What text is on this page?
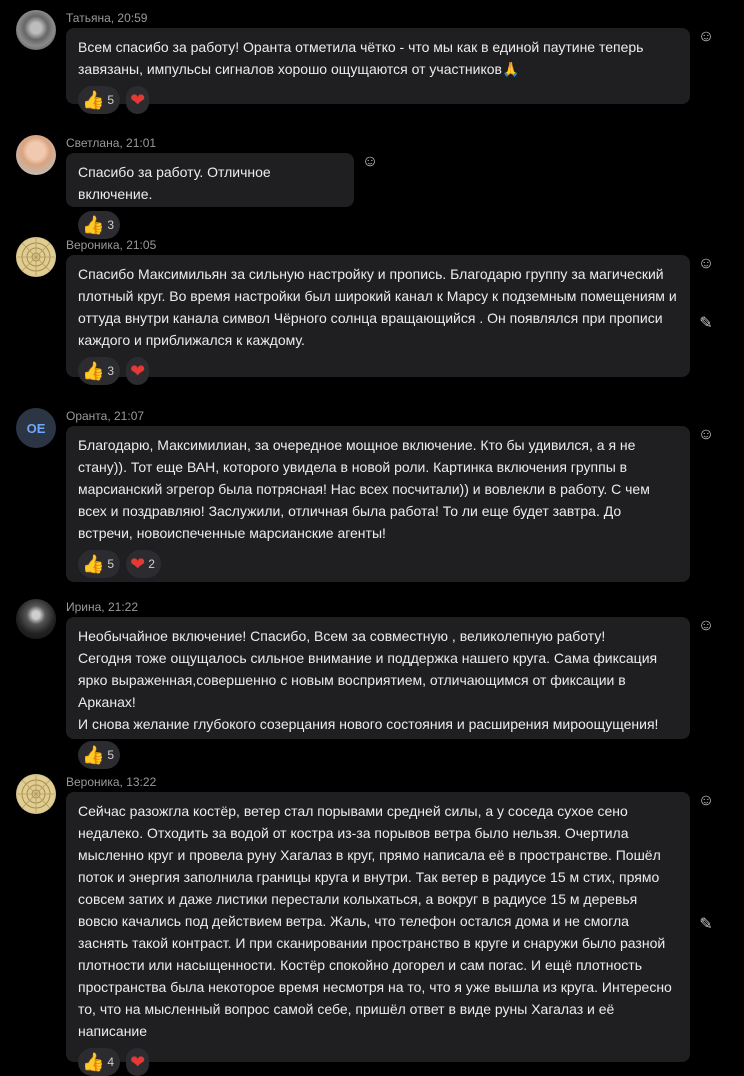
Татьяна, 20:59
Всем спасибо за работу! Оранта отметила чётко - что мы как в единой паутине теперь завязаны, импульсы сигналов хорошо ощущаются от участников🙏
👍 5 ❤
☺
Светлана, 21:01
Спасибо за работу. Отличное включение.
👍 3
☺
Вероника, 21:05
Спасибо Максимильян за сильную настройку и пропись. Благодарю группу за магический плотный круг. Во время настройки был широкий канал к Марсу к подземным помещениям и оттуда внутри канала символ Чёрного солнца вращающийся . Он появлялся при прописи каждого и приближался к каждому.
👍 3 ❤
☺
✎
OE
Оранта, 21:07
Благодарю, Максимилиан, за очередное мощное включение. Кто бы удивился, а я не стану)). Тот еще ВАН, которого увидела в новой роли. Картинка включения группы в марсианский эгрегор была потрясная! Нас всех посчитали)) и вовлекли в работу. С чем всех и поздравляю! Заслужили, отличная была работа! То ли еще будет завтра. До встречи, новоиспеченные марсианские агенты!
👍 5 ❤ 2
☺
Ирина, 21:22
Необычайное включение! Спасибо, Всем за совместную , великолепную работу!
Сегодня тоже ощущалось сильное внимание и поддержка нашего круга. Сама фиксация ярко выраженная,совершенно с новым восприятием, отличающимся от фиксации в Арканах!
И снова желание глубокого созерцания нового состояния и расширения мироощущения!
👍 5
☺
Вероника, 13:22
Сейчас разожгла костёр, ветер стал порывами средней силы, а у соседа сухое сено недалеко. Отходить за водой от костра из-за порывов ветра было нельзя. Очертила мысленно круг и провела руну Хагалаз в круг, прямо написала её в пространстве. Пошёл поток и энергия заполнила границы круга и внутри. Так ветер в радиусе 15 м стих, прямо совсем затих и даже листики перестали колыхаться, а вокруг в радиусе 15 м деревья вовсю качались под действием ветра. Жаль, что телефон остался дома и не смогла заснять такой контраст. И при сканировании пространство в круге и снаружи было разной плотности или насыщенности. Костёр спокойно догорел и сам погас. И ещё плотность пространства была некоторое время несмотря на то, что я уже вышла из круга. Интересно то, что на мысленный вопрос самой себе, пришёл ответ в виде руны Хагалаз и её написание
👍 4 ❤
☺
✎
